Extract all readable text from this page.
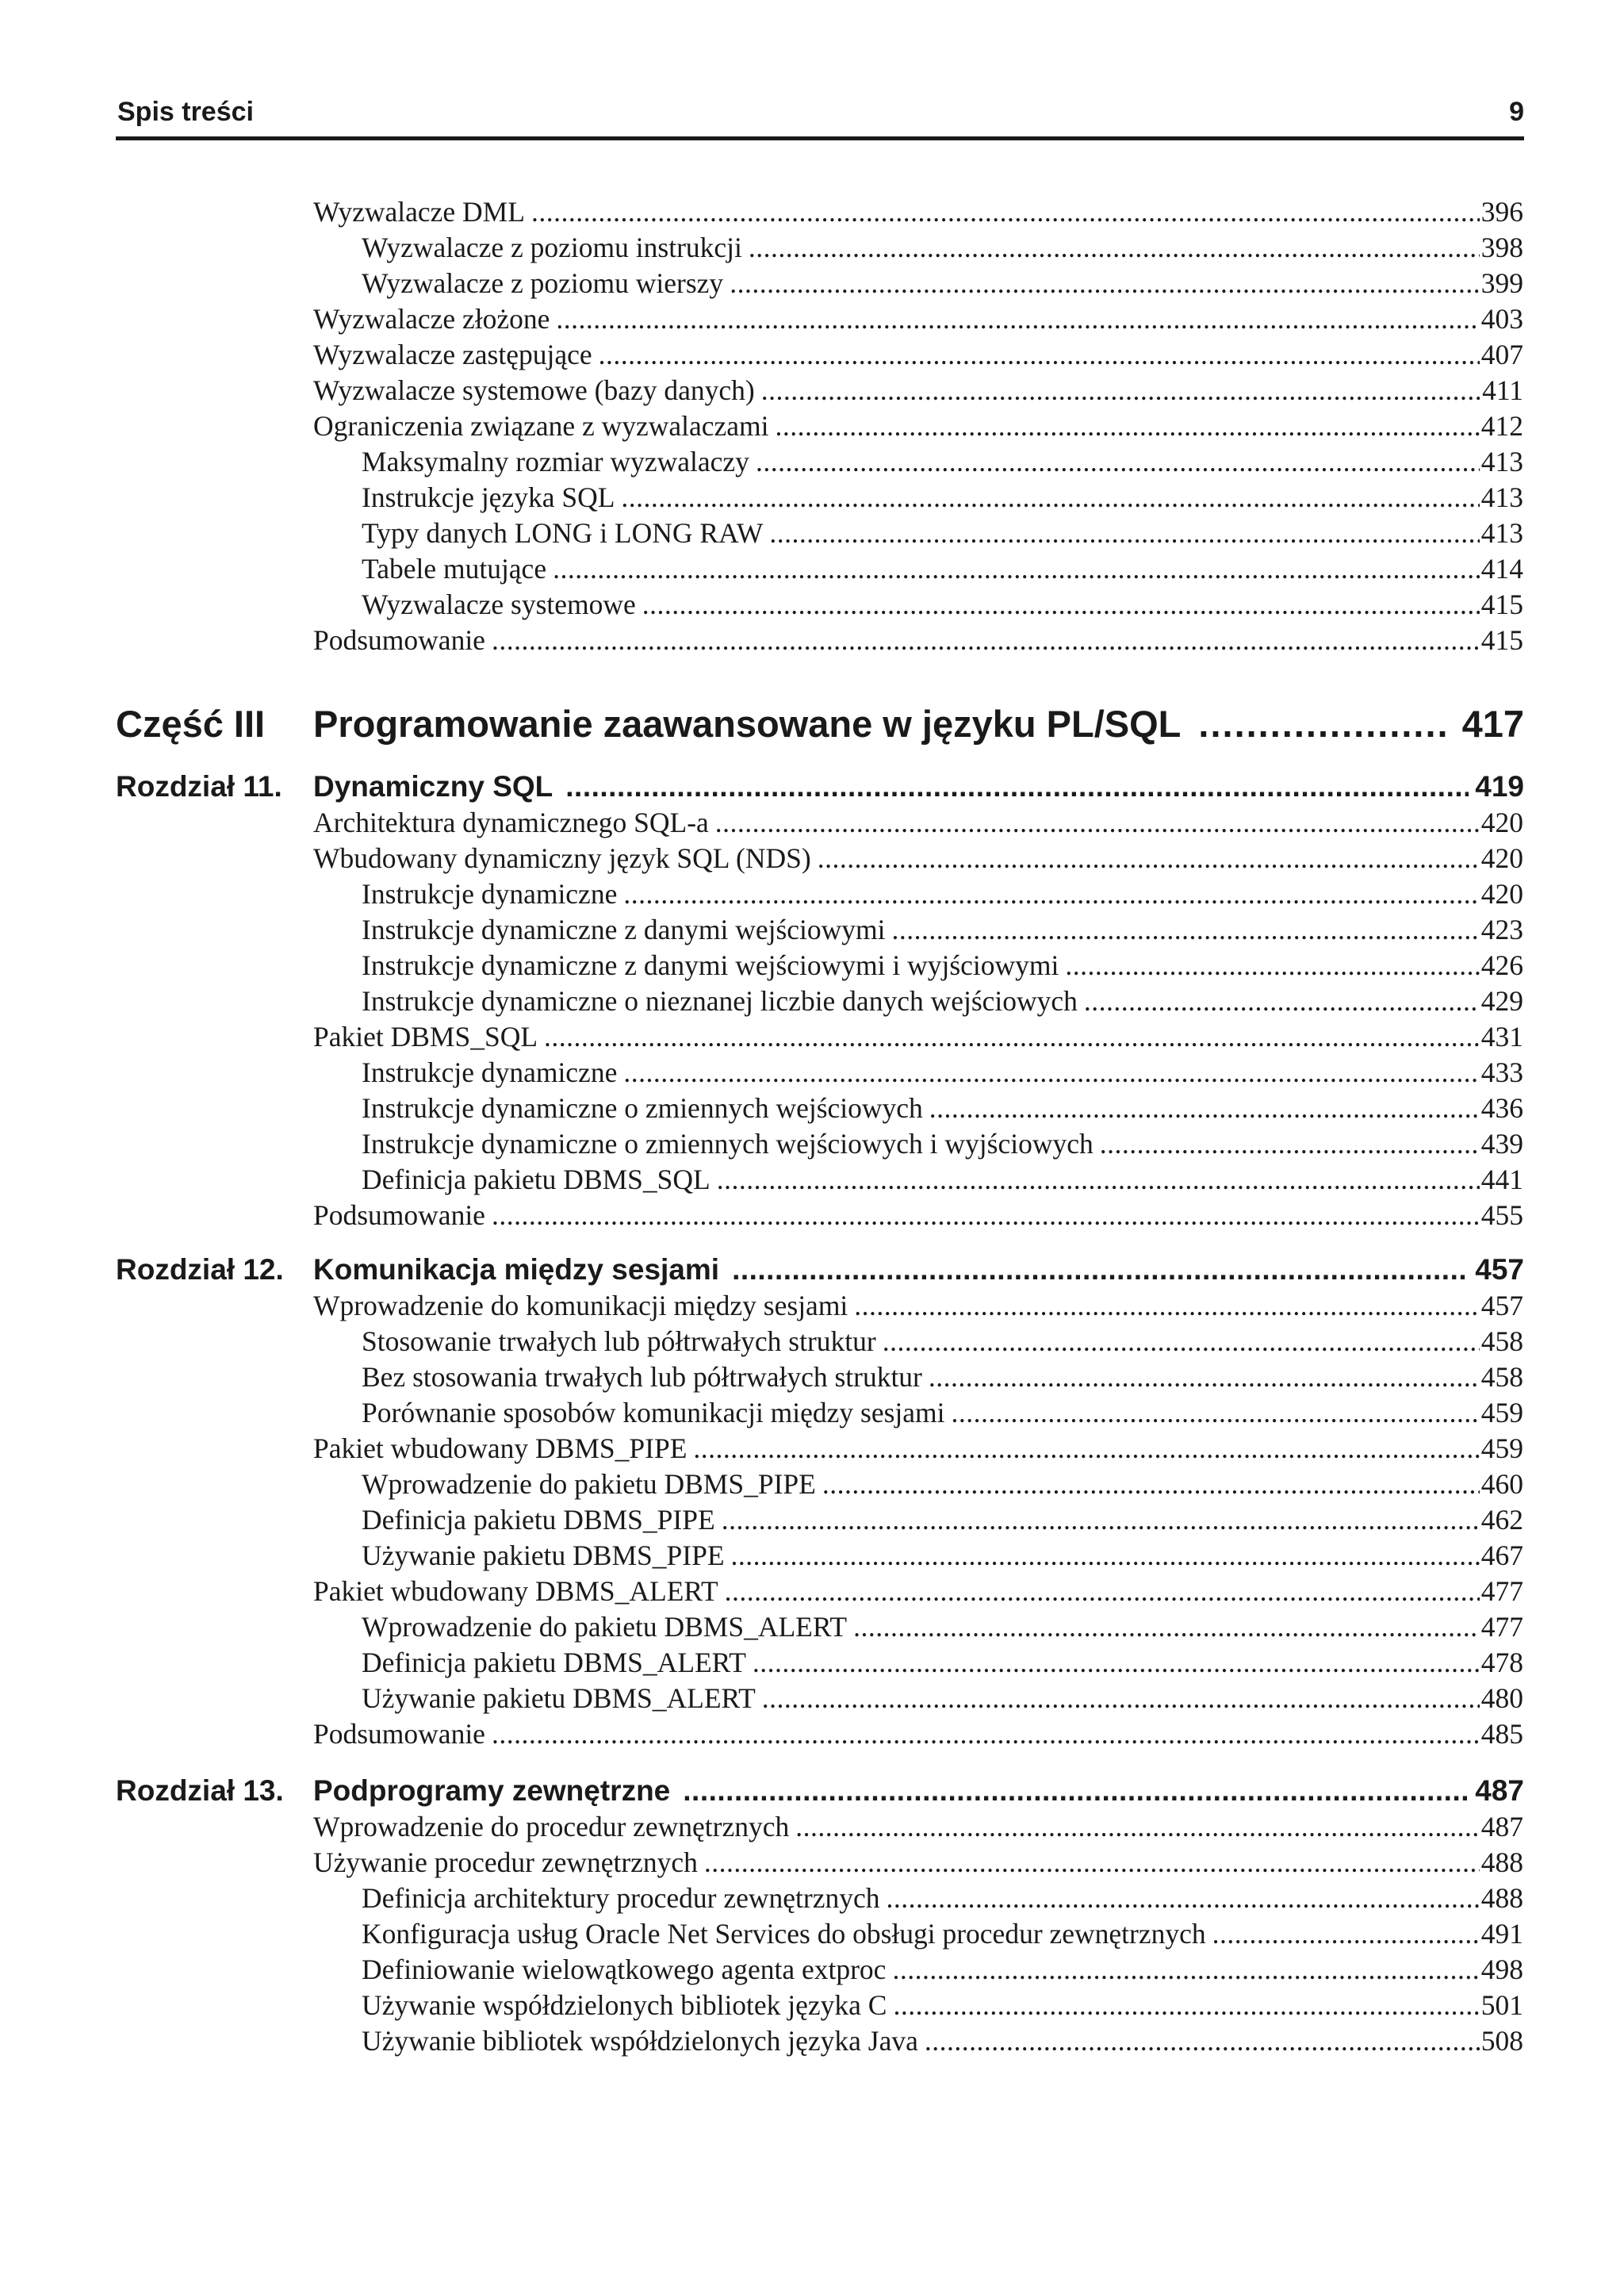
Spis treści	9
Wyzwalacze DML .....	396
Wyzwalacze z poziomu instrukcji .....	398
Wyzwalacze z poziomu wierszy .....	399
Wyzwalacze złożone .....	403
Wyzwalacze zastępujące .....	407
Wyzwalacze systemowe (bazy danych) .....	411
Ograniczenia związane z wyzwalaczami .....	412
Maksymalny rozmiar wyzwalaczy .....	413
Instrukcje języka SQL .....	413
Typy danych LONG i LONG RAW .....	413
Tabele mutujące .....	414
Wyzwalacze systemowe .....	415
Podsumowanie .....	415
Część III	Programowanie zaawansowane w języku PL/SQL .....	417
Rozdział 11.	Dynamiczny SQL .....	419
Architektura dynamicznego SQL-a .....	420
Wbudowany dynamiczny język SQL (NDS) .....	420
Instrukcje dynamiczne .....	420
Instrukcje dynamiczne z danymi wejściowymi .....	423
Instrukcje dynamiczne z danymi wejściowymi i wyjściowymi .....	426
Instrukcje dynamiczne o nieznanej liczbie danych wejściowych .....	429
Pakiet DBMS_SQL .....	431
Instrukcje dynamiczne .....	433
Instrukcje dynamiczne o zmiennych wejściowych .....	436
Instrukcje dynamiczne o zmiennych wejściowych i wyjściowych .....	439
Definicja pakietu DBMS_SQL .....	441
Podsumowanie .....	455
Rozdział 12.	Komunikacja między sesjami .....	457
Wprowadzenie do komunikacji między sesjami .....	457
Stosowanie trwałych lub półtrwałych struktur .....	458
Bez stosowania trwałych lub półtrwałych struktur .....	458
Porównanie sposobów komunikacji między sesjami .....	459
Pakiet wbudowany DBMS_PIPE .....	459
Wprowadzenie do pakietu DBMS_PIPE .....	460
Definicja pakietu DBMS_PIPE .....	462
Używanie pakietu DBMS_PIPE .....	467
Pakiet wbudowany DBMS_ALERT .....	477
Wprowadzenie do pakietu DBMS_ALERT .....	477
Definicja pakietu DBMS_ALERT .....	478
Używanie pakietu DBMS_ALERT .....	480
Podsumowanie .....	485
Rozdział 13.	Podprogramy zewnętrzne .....	487
Wprowadzenie do procedur zewnętrznych .....	487
Używanie procedur zewnętrznych .....	488
Definicja architektury procedur zewnętrznych .....	488
Konfiguracja usług Oracle Net Services do obsługi procedur zewnętrznych .....	491
Definiowanie wielowątkowego agenta extproc .....	498
Używanie współdzielonych bibliotek języka C .....	501
Używanie bibliotek współdzielonych języka Java .....	508
